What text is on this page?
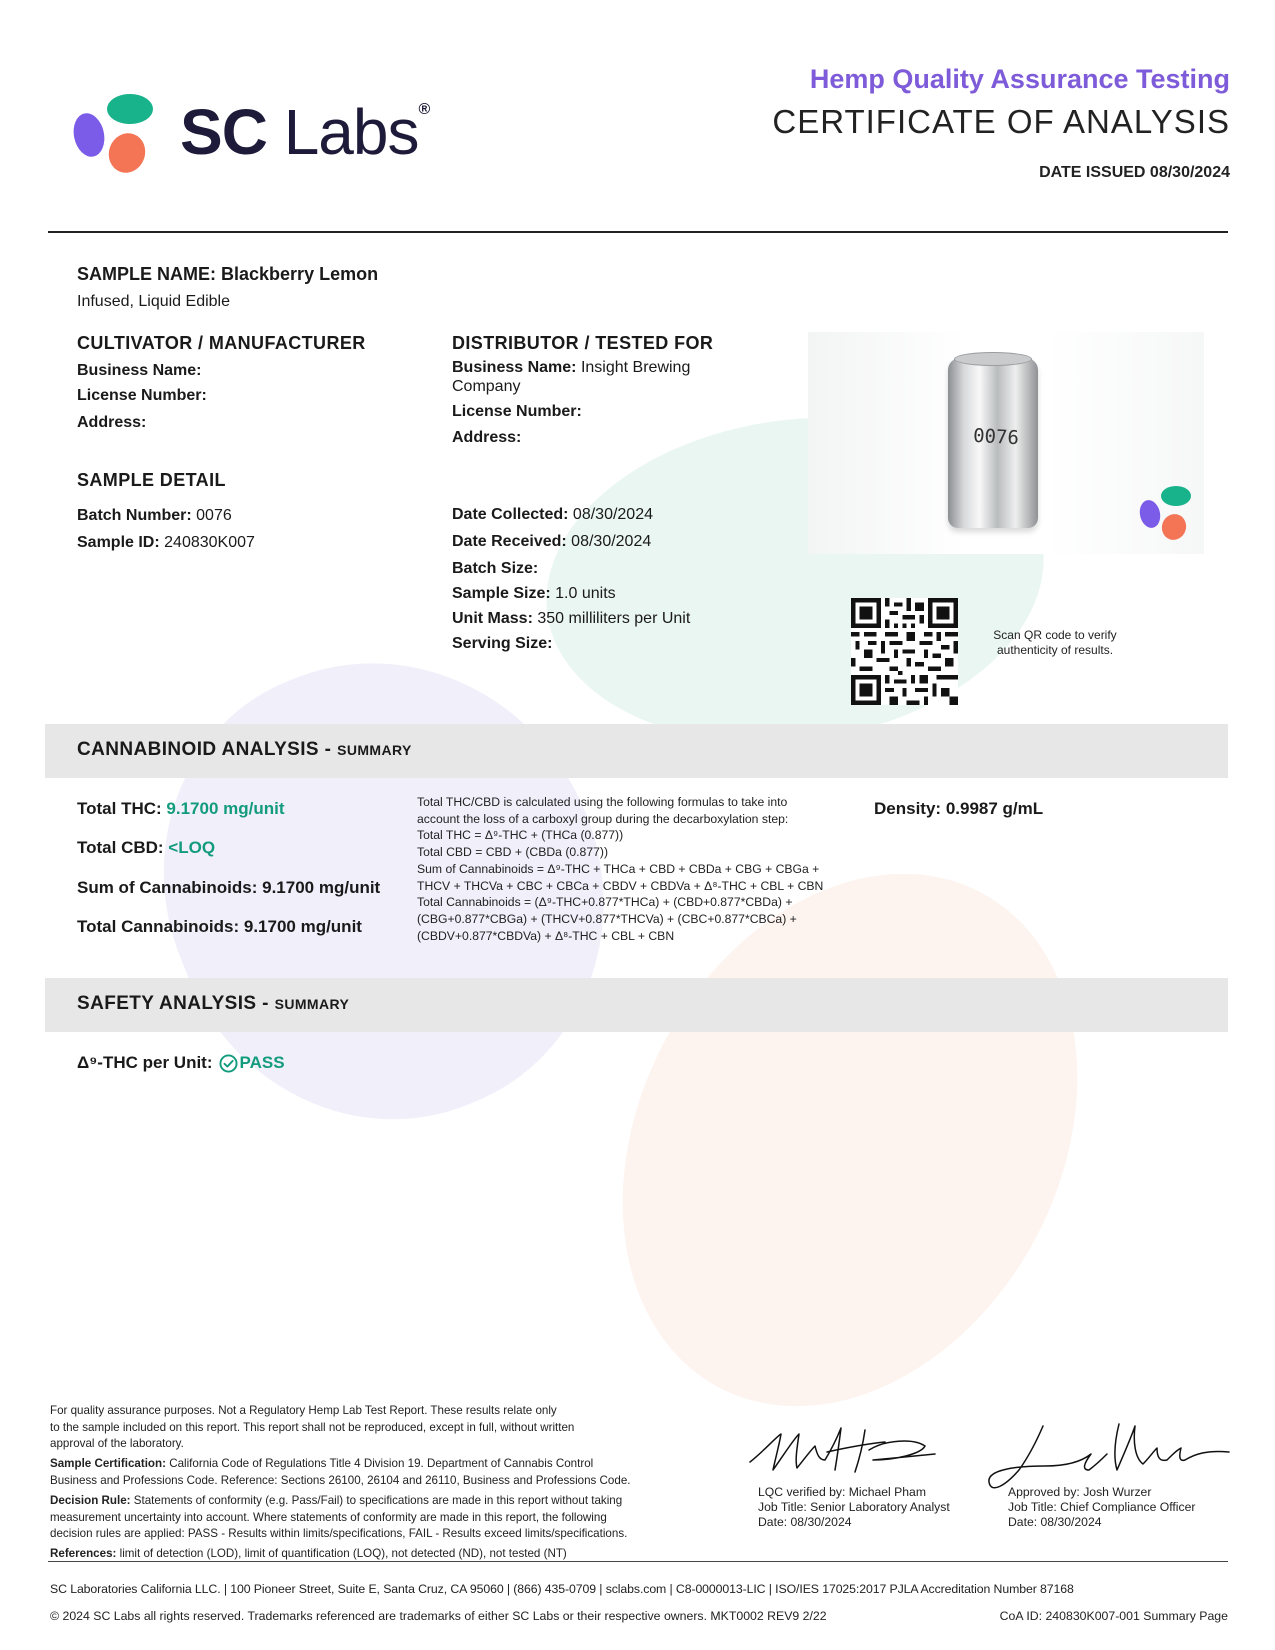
SC Labs®
Hemp Quality Assurance Testing
CERTIFICATE OF ANALYSIS
DATE ISSUED 08/30/2024
SAMPLE NAME: Blackberry Lemon
Infused, Liquid Edible
CULTIVATOR / MANUFACTURER
Business Name:
License Number:
Address:
DISTRIBUTOR / TESTED FOR
Business Name: Insight Brewing
Company
License Number:
Address:
SAMPLE DETAIL
Batch Number: 0076
Sample ID: 240830K007
Date Collected: 08/30/2024
Date Received: 08/30/2024
Batch Size:
Sample Size: 1.0 units
Unit Mass: 350 milliliters per Unit
Serving Size:
0076
Scan QR code to verify
authenticity of results.
CANNABINOID ANALYSIS - SUMMARY
Total THC: 9.1700 mg/unit
Total CBD: <LOQ
Sum of Cannabinoids: 9.1700 mg/unit
Total Cannabinoids: 9.1700 mg/unit
Total THC/CBD is calculated using the following formulas to take into
account the loss of a carboxyl group during the decarboxylation step:
Total THC = Δ⁹-THC + (THCa (0.877))
Total CBD = CBD + (CBDa (0.877))
Sum of Cannabinoids = Δ⁹-THC + THCa + CBD + CBDa + CBG + CBGa +
THCV + THCVa + CBC + CBCa + CBDV + CBDVa + Δ⁸-THC + CBL + CBN
Total Cannabinoids = (Δ⁹-THC+0.877*THCa) + (CBD+0.877*CBDa) +
(CBG+0.877*CBGa) + (THCV+0.877*THCVa) + (CBC+0.877*CBCa) +
(CBDV+0.877*CBDVa) + Δ⁸-THC + CBL + CBN
Density: 0.9987 g/mL
SAFETY ANALYSIS - SUMMARY
Δ⁹-THC per Unit: PASS
For quality assurance purposes. Not a Regulatory Hemp Lab Test Report. These results relate only
to the sample included on this report. This report shall not be reproduced, except in full, without written
approval of the laboratory.
Sample Certification: California Code of Regulations Title 4 Division 19. Department of Cannabis Control
Business and Professions Code. Reference: Sections 26100, 26104 and 26110, Business and Professions Code.
Decision Rule: Statements of conformity (e.g. Pass/Fail) to specifications are made in this report without taking
measurement uncertainty into account. Where statements of conformity are made in this report, the following
decision rules are applied: PASS - Results within limits/specifications, FAIL - Results exceed limits/specifications.
References: limit of detection (LOD), limit of quantification (LOQ), not detected (ND), not tested (NT)
LQC verified by: Michael Pham
Job Title: Senior Laboratory Analyst
Date: 08/30/2024
Approved by: Josh Wurzer
Job Title: Chief Compliance Officer
Date: 08/30/2024
SC Laboratories California LLC. | 100 Pioneer Street, Suite E, Santa Cruz, CA 95060 | (866) 435-0709 | sclabs.com | C8-0000013-LIC | ISO/IES 17025:2017 PJLA Accreditation Number 87168
© 2024 SC Labs all rights reserved. Trademarks referenced are trademarks of either SC Labs or their respective owners. MKT0002 REV9 2/22	CoA ID: 240830K007-001 Summary Page
